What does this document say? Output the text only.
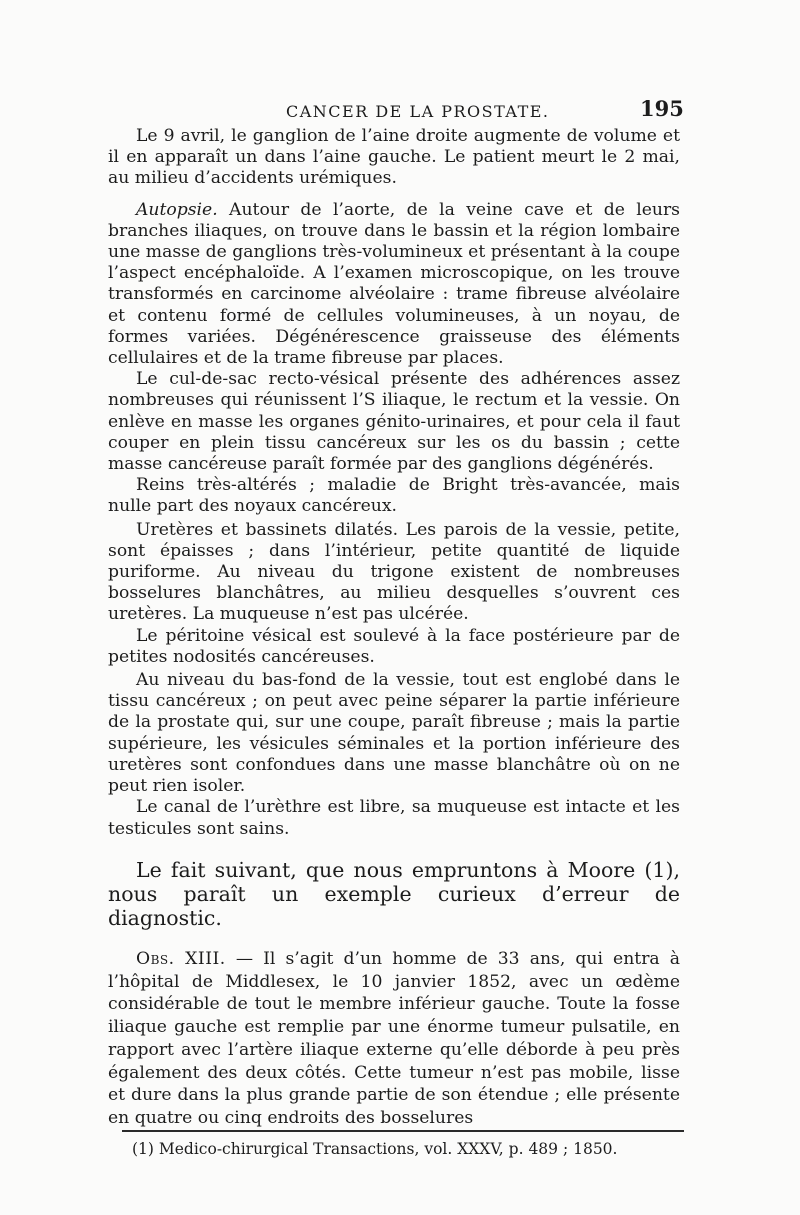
CANCER DE LA PROSTATE.	195

Le 9 avril, le ganglion de l’aine droite augmente de volume et il en apparaît un dans l’aine gauche. Le patient meurt le 2 mai, au milieu d’accidents urémiques.

Autopsie. Autour de l’aorte, de la veine cave et de leurs branches iliaques, on trouve dans le bassin et la région lombaire une masse de ganglions très-volumineux et présentant à la coupe l’aspect encéphaloïde. A l’examen microscopique, on les trouve transformés en carcinome alvéolaire : trame fibreuse alvéolaire et contenu formé de cellules volumineuses, à un noyau, de formes variées. Dégénérescence graisseuse des éléments cellulaires et de la trame fibreuse par places.

Le cul-de-sac recto-vésical présente des adhérences assez nombreuses qui réunissent l’S iliaque, le rectum et la vessie. On enlève en masse les organes génito-urinaires, et pour cela il faut couper en plein tissu cancéreux sur les os du bassin ; cette masse cancéreuse paraît formée par des ganglions dégénérés.

Reins très-altérés ; maladie de Bright très-avancée, mais nulle part des noyaux cancéreux.

Uretères et bassinets dilatés. Les parois de la vessie, petite, sont épaisses ; dans l’intérieur, petite quantité de liquide puriforme. Au niveau du trigone existent de nombreuses bosselures blanchâtres, au milieu desquelles s’ouvrent ces uretères. La muqueuse n’est pas ulcérée.

Le péritoine vésical est soulevé à la face postérieure par de petites nodosités cancéreuses.

Au niveau du bas-fond de la vessie, tout est englobé dans le tissu cancéreux ; on peut avec peine séparer la partie inférieure de la prostate qui, sur une coupe, paraît fibreuse ; mais la partie supérieure, les vésicules séminales et la portion inférieure des uretères sont confondues dans une masse blanchâtre où on ne peut rien isoler.

Le canal de l’urèthre est libre, sa muqueuse est intacte et les testicules sont sains.

Le fait suivant, que nous empruntons à Moore (1), nous paraît un exemple curieux d’erreur de diagnostic.

Obs. XIII. — Il s’agit d’un homme de 33 ans, qui entra à l’hôpital de Middlesex, le 10 janvier 1852, avec un œdème considérable de tout le membre inférieur gauche. Toute la fosse iliaque gauche est remplie par une énorme tumeur pulsatile, en rapport avec l’artère iliaque externe qu’elle déborde à peu près également des deux côtés. Cette tumeur n’est pas mobile, lisse et dure dans la plus grande partie de son étendue ; elle présente en quatre ou cinq endroits des bosselures

(1) Medico-chirurgical Transactions, vol. XXXV, p. 489 ; 1850.
